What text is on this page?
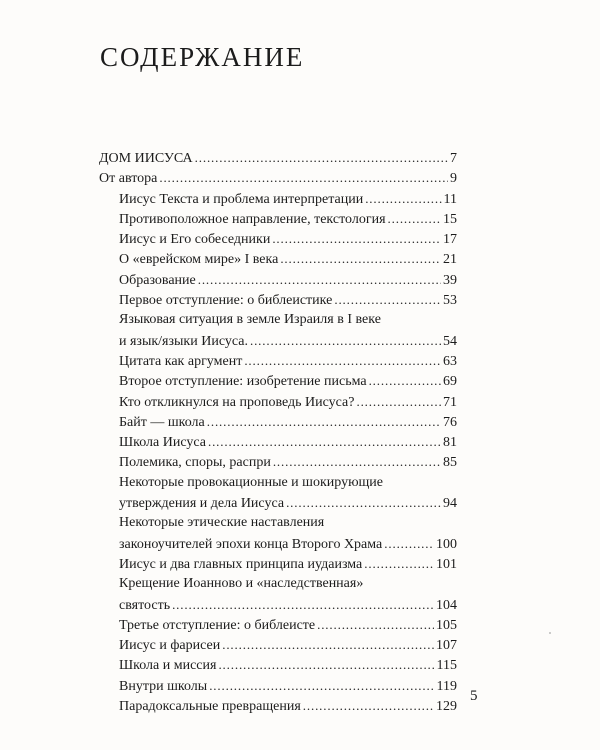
СОДЕРЖАНИЕ
ДОМ ИИСУСА . . .	7
От автора . . .	9
Иисус Текста и проблема интерпретации . . .	11
Противоположное направление, текстология . . .	15
Иисус и Его собеседники . . .	17
О «еврейском мире» I века . . .	21
Образование . . .	39
Первое отступление: о библеистике . . .	53
Языковая ситуация в земле Израиля в I веке
и язык/языки Иисуса. . . .	54
Цитата как аргумент . . .	63
Второе отступление: изобретение письма . . .	69
Кто откликнулся на проповедь Иисуса? . . .	71
Байт — школа . . .	76
Школа Иисуса . . .	81
Полемика, споры, распри . . .	85
Некоторые провокационные и шокирующие
утверждения и дела Иисуса . . .	94
Некоторые этические наставления
законоучителей эпохи конца Второго Храма . . .	100
Иисус и два главных принципа иудаизма . . .	101
Крещение Иоанново и «наследственная»
святость . . .	104
Третье отступление: о библеисте . . .	105
Иисус и фарисеи . . .	107
Школа и миссия . . .	115
Внутри школы . . .	119
Парадоксальные превращения . . .	129
5
